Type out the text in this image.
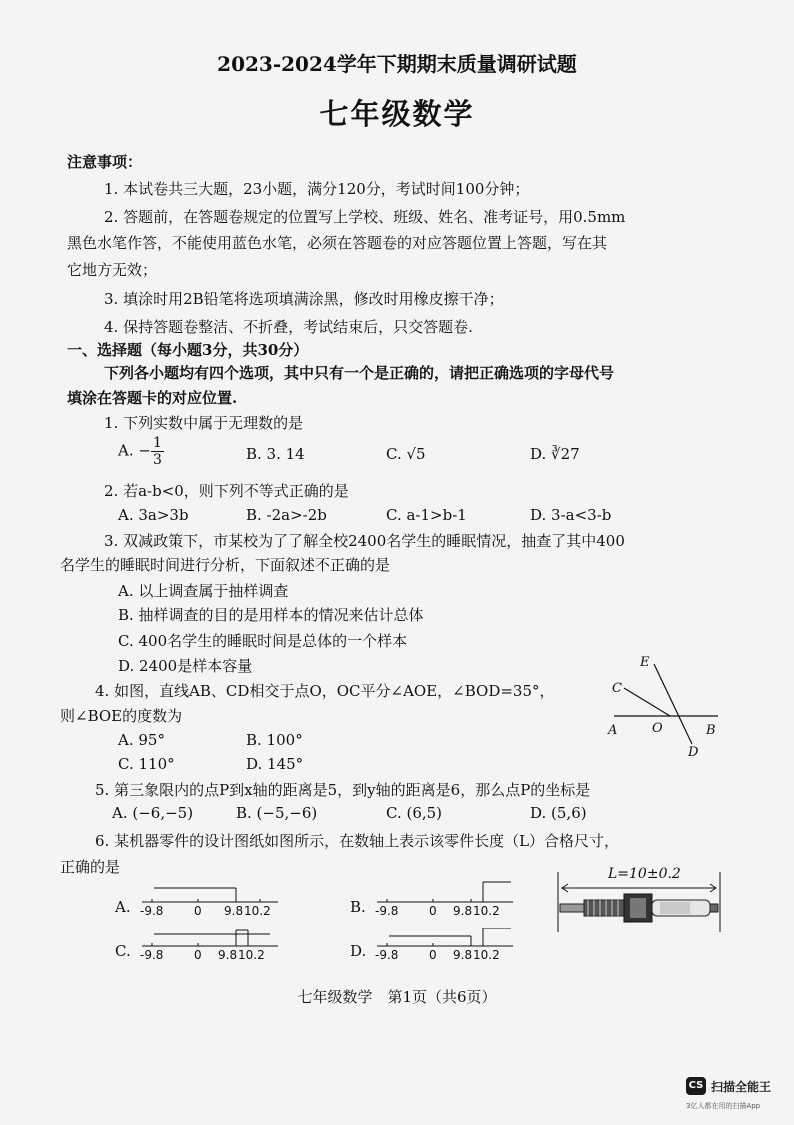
2023-2024学年下期期末质量调研试题
七年级数学
注意事项：
1. 本试卷共三大题，23小题，满分120分，考试时间100分钟；
2. 答题前，在答题卷规定的位置写上学校、班级、姓名、准考证号，用0.5mm
黑色水笔作答，不能使用蓝色水笔，必须在答题卷的对应答题位置上答题，写在其
它地方无效；
3. 填涂时用2B铅笔将选项填满涂黑，修改时用橡皮擦干净；
4. 保持答题卷整洁、不折叠，考试结束后，只交答题卷.
一、选择题（每小题3分，共30分）
下列各小题均有四个选项，其中只有一个是正确的，请把正确选项的字母代号
填涂在答题卡的对应位置.
1. 下列实数中属于无理数的是
A. − $\frac{1}{3}$	B. 3. 14	C. √5	D. ∛27
2. 若a-b<0，则下列不等式正确的是
A. 3a>3b	B. -2a>-2b	C. a-1>b-1	D. 3-a<3-b
3. 双减政策下，市某校为了了解全校2400名学生的睡眠情况，抽查了其中400
名学生的睡眠时间进行分析，下面叙述不正确的是
A. 以上调查属于抽样调查
B. 抽样调查的目的是用样本的情况来估计总体
C. 400名学生的睡眠时间是总体的一个样本
D. 2400是样本容量
4. 如图，直线AB、CD相交于点O，OC平分∠AOE，∠BOD=35°，
则∠BOE的度数为
A. 95°	B. 100°
C. 110°	D. 145°
E
C
A	O	B
D
5. 第三象限内的点P到x轴的距离是5，到y轴的距离是6，那么点P的坐标是
A. (−6,−5)	B. (−5,−6)	C. (6,5)	D. (5,6)
6. 某机器零件的设计图纸如图所示，在数轴上表示该零件长度（L）合格尺寸，
正确的是
A.	B.
C.	D.
-9.8	0 9.8 10.2	-9.8	0 9.8 10.2
-9.8	0 9.8 10.2	-9.8	0 9.8 10.2
L=10±0.2
七年级数学　第1页（共6页）
CS 扫描全能王
3亿人都在用的扫描App
